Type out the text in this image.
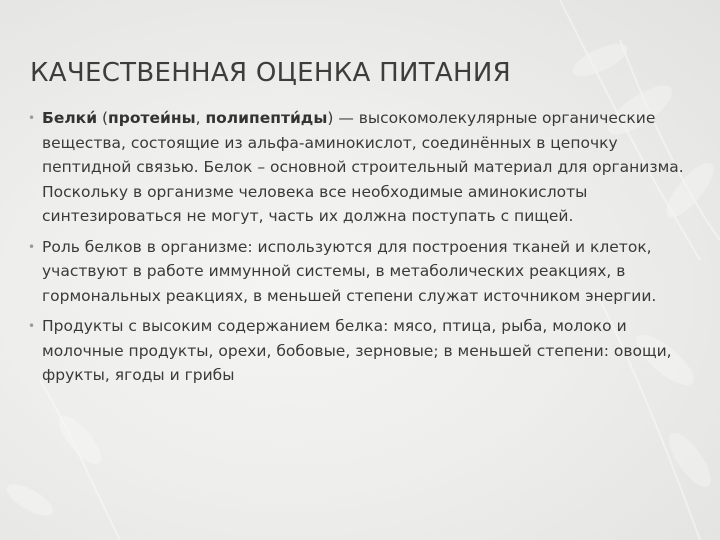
КАЧЕСТВЕННАЯ ОЦЕНКА ПИТАНИЯ
• Белки́ (протеи́ны, полипепти́ды) — высокомолекулярные органические вещества, состоящие из альфа-аминокислот, соединённых в цепочку пептидной связью. Белок – основной строительный материал для организма. Поскольку в организме человека все необходимые аминокислоты синтезироваться не могут, часть их должна поступать с пищей.
• Роль белков в организме: используются для построения тканей и клеток, участвуют в работе иммунной системы, в метаболических реакциях, в гормональных реакциях, в меньшей степени служат источником энергии.
• Продукты с высоким содержанием белка: мясо, птица, рыба, молоко и молочные продукты, орехи, бобовые, зерновые; в меньшей степени: овощи, фрукты, ягоды и грибы
